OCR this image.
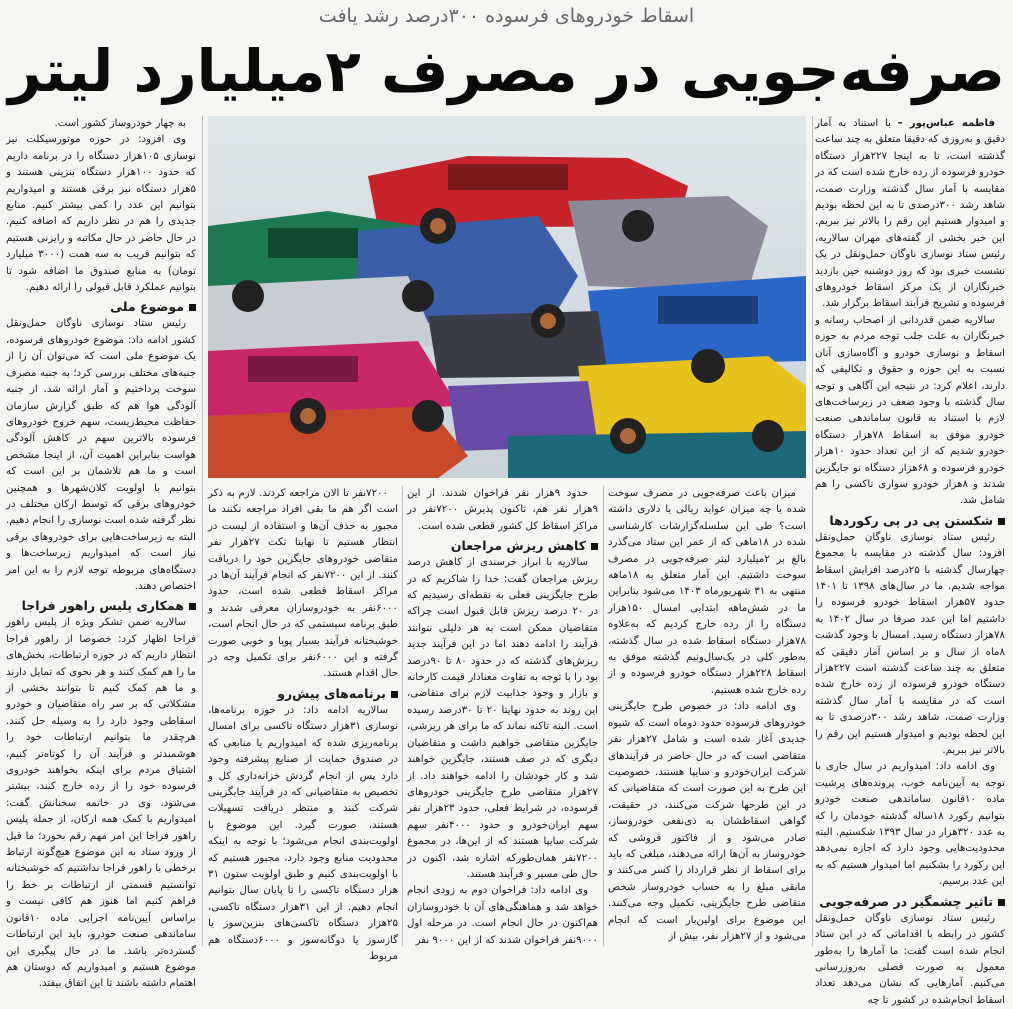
اسقاط خودروهای فرسوده ۳۰۰درصد رشد یافت
صرفه‌جویی در مصرف ۲میلیارد لیتر

فاطمه عباس‌پور – با استناد به آمار دقیق و به‌روزی که دقیقا متعلق به چند ساعت گذشته است، تا به اینجا ۲۲۷هزار دستگاه خودرو فرسوده از رده خارج شده است که در مقایسه با آمار سال گذشته وزارت صمت، شاهد رشد ۳۰۰درصدی تا به این لحظه بودیم و امیدوار هستیم این رقم را بالاتر نیز ببریم. این خبر بخشی از گفته‌های مهران سالاریه، رئیس ستاد نوسازی ناوگان حمل‌ونقل در یک نشست خبری بود که روز دوشنبه حین بازدید خبرنگاران از یک مرکز اسقاط خودروهای فرسوده و تشریح فرآیند اسقاط برگزار شد.

سالاریه ضمن قدردانی از اصحاب رسانه و خبرنگاران به علت جلب توجه مردم به حوزه اسقاط و نوسازی خودرو و آگاه‌سازی آنان نسبت به این حوزه و حقوق و تکالیفی که دارند، اعلام کرد: در نتیجه این آگاهی و توجه سال گذشته با وجود ضعف در زیرساخت‌های لازم با استناد به قانون ساماندهی صنعت خودرو موفق به اسقاط ۷۸هزار دستگاه خودرو شدیم که از این تعداد حدود ۱۰هزار خودرو فرسوده و ۶۸هزار دستگاه نو جایگزین شدند و ۸هزار خودرو سواری تاکسی را هم شامل شد.

شکستن پی در پی رکوردها

رئیس ستاد نوسازی ناوگان حمل‌ونقل افزود: سال گذشته در مقایسه با مجموع چهارسال گذشته با ۲۵درصد افزایش اسقاط مواجه شدیم. ما در سال‌های ۱۳۹۸ تا ۱۴۰۱ حدود ۵۷هزار اسقاط خودرو فرسوده را داشتیم اما این عدد صرفا در سال ۱۴۰۲ به ۷۸هزار دستگاه رسید. امسال با وجود گذشت ۸ماه از سال و بر اساس آمار دقیقی که متعلق به چند ساعت گذشته است ۲۲۷هزار دستگاه خودرو فرسوده از رده خارج شده است که در مقایسه با آمار سال گذشته وزارت صمت، شاهد رشد ۳۰۰درصدی تا به این لحظه بودیم و امیدوار هستیم این رقم را بالاتر نیز ببریم.

وی ادامه داد: امیدواریم در سال جاری با توجه به آیین‌نامه خوب، پرونده‌های پرشیت ماده ۱۰قانون ساماندهی صنعت خودرو بتوانیم رکورد ۱۸ساله گذشته خودمان را که به عدد ۳۲۰هزار در سال ۱۳۹۳ شکستیم. البته محدودیت‌هایی وجود دارد که اجازه نمی‌دهد این رکورد را بشکنیم اما امیدوار هستیم که به این عدد برسیم.

تاثیر چشمگیر در صرفه‌جویی

رئیس ستاد نوسازی ناوگان حمل‌ونقل کشور در رابطه با اقداماتی که در این ستاد انجام شده است گفت: ما آمارها را به‌طور معمول به صورت فصلی به‌روزرسانی می‌کنیم. آمارهایی که نشان می‌دهد تعداد اسقاط انجام‌شده در کشور تا چه

میزان باعث صرفه‌جویی در مصرف سوخت شده یا چه میزان عواید ریالی یا دلاری داشته است؟ طی این سلسله‌گزارشات کارشناسی شده در ۱۸ماهی که از عمر این ستاد می‌گذرد بالغ بر ۲میلیارد لیتر صرفه‌جویی در مصرف سوخت داشتیم. این آمار متعلق به ۱۸ماهه منتهی به ۳۱ شهریورماه ۱۴۰۳ می‌شود بنابراین ما در شش‌ماهه ابتدایی امسال ۱۵۰هزار دستگاه را از رده خارج کردیم که به‌علاوه ۷۸هزار دستگاه اسقاط شده در سال گذشته، به‌طور کلی در یک‌سال‌ونیم گذشته موفق به اسقاط ۲۲۸هزار دستگاه خودرو فرسوده و از رده خارج شده هستیم.

وی ادامه داد: در خصوص طرح جایگزینی خودروهای فرسوده حدود دوماه است که شیوه جدیدی آغاز شده است و شامل ۲۷هزار نفر متقاضی است که در حال حاضر در فرآیندهای شرکت ایران‌خودرو و سایپا هستند. خصوصیت این طرح به این صورت است که متقاضیانی که در این طرحها شرکت می‌کنند، در حقیقت، گواهی اسقاطشان به ذی‌نفعی خودروساز، صادر می‌شود و از فاکتور فروشی که خودروساز به آن‌ها ارائه می‌دهند، مبلغی که باید برای اسقاط از نظر قرارداد را کسر می‌کنند و مابقی مبلغ را به حساب خودروساز شخص متقاضی طرح جایگزینی، تکمیل وجه می‌کنند. این موضوع برای اولین‌بار است که انجام می‌شود و از ۲۷هزار نفر، بیش از

حدود ۹هزار نفر فراخوان شدند. از این ۹هزار نفر هم، تاکنون پذیرش ۷۲۰۰نفر در مراکز اسقاط کل کشور قطعی شده است.

کاهش ریزش مراجعان

سالاریه با ابراز خرسندی از کاهش درصد ریزش مراجعان گفت: خدا را شاکریم که در طرح جایگزینی فعلی به نقطه‌ای رسیدیم که در ۲۰ درصد ریزش قابل قبول است چراکه متقاضیان ممکن است به هر دلیلی نتوانند فرآیند را ادامه دهند اما در این فرآیند جدید ریزش‌های گذشته که در حدود ۸۰ تا ۹۰درصد بود را با توجه به تفاوت معنادار قیمت کارخانه و بازار و وجود جذابیت لازم برای متقاضی، این روند به حدود نهایتا ۲۰ تا ۳۰درصد رسیده است. البته تاکنه نماند که ما برای هر ریزشی، جایگزین متقاضی خواهیم داشت و متقاضیان دیگری که در صف هستند، جایگزین خواهند شد و کار خودشان را ادامه خواهند داد. از ۲۷هزار متقاضی طرح جایگزینی خودروهای فرسوده، در شرایط فعلی، حدود ۲۳هزار نفر سهم ایران‌خودرو و حدود ۴۰۰۰نفر سهم شرکت سایپا هستند که از این‌ها، در مجموع ۷۲۰۰نفر همان‌طورکه اشاره شد، اکنون در حال طی مسیر و فرآیند هستند.

وی ادامه داد: فراخوان دوم به زودی انجام خواهد شد و هماهنگی‌های آن با خودروسازان هم‌اکنون در حال انجام است. در مرحله اول ۹۰۰۰نفر فراخوان شدند که از این ۹۰۰۰ نفر

۷۲۰۰نفر تا الان مراجعه کردند. لازم به ذکر است اگر هم ما بقی افراد مراجعه نکنند ما مجبور به حذف آن‌ها و استفاده از لیست در انتظار هستیم تا نهایتا تکت ۲۷هزار نفر متقاضی خودروهای جایگزین خود را دریافت کنند. از این ۷۲۰۰نفر که انجام فرآیند آن‌ها در مراکز اسقاط قطعی شده است، حدود ۶۰۰۰نفر به خودروسازان معرفی شدند و طبق برنامه سیستمی که در حال انجام است، خوشبختانه فرآیند بسیار پویا و خوبی صورت گرفته و این ۶۰۰۰نفر برای تکمیل وجه در حال اقدام هستند.

برنامه‌های پیش‌رو

سالاریه ادامه داد: در حوزه برنامه‌ها، نوسازی ۳۱هزار دستگاه تاکسی برای امسال برنامه‌ریزی شده که امیدواریم با منابعی که در صندوق حمایت از صنایع پیشرفته وجود دارد پس از انجام گردش خزانه‌داری کل و تخصیص به متقاضیانی که در فرآیند جایگزینی شرکت کنند و منتظر دریافت تسهیلات هستند، صورت گیرد. این موضوع با اولویت‌بندی انجام می‌شود؛ با توجه به اینکه محدودیت منابع وجود دارد، مجبور هستیم که با اولویت‌بندی کنیم و طبق اولویت ستون ۳۱ هزار دستگاه تاکسی را تا پایان سال بتوانیم انجام دهیم. از این ۳۱هزار دستگاه تاکسی، ۲۵هزار دستگاه تاکسی‌های بنزین‌سوز یا گازسوز یا دوگانه‌سوز و ۶۰۰۰دستگاه هم مربوط

به چهار خودروساز کشور است.

وی افزود: در حوزه موتورسیکلت نیز نوسازی ۱۰۵هزار دستگاه را در برنامه داریم که حدود ۱۰۰هزار دستگاه بنزینی هستند و ۵هزار دستگاه نیز برقی هستند و امیدواریم بتوانیم این عدد را کمی بیشتر کنیم. منابع جدیدی را هم در نظر داریم که اضافه کنیم. در حال حاضر در حال مکاتبه و رایزنی هستیم که بتوانیم قریب به سه همت (۳۰۰۰ میلیارد تومان) به منابع صندوق ما اضافه شود تا بتوانیم عملکرد قابل قبولی را ارائه دهیم.

موضوع ملی

رئیس ستاد نوسازی ناوگان حمل‌ونقل کشور ادامه داد: موضوع خودروهای فرسوده، یک موضوع ملی است که می‌توان آن را از جنبه‌های مختلف بررسی کرد؛ به جنبه مصرف سوخت پرداختیم و آمار ارائه شد. از جنبه آلودگی هوا هم که طبق گزارش سازمان حفاظت محیط‌زیست، سهم خروج خودروهای فرسوده بالاترین سهم در کاهش آلودگی هواست بنابراین اهمیت آن، از اینجا مشخص است و ما هم تلاشمان بر این است که بتوانیم با اولویت کلان‌شهرها و همچنین خودروهای برقی که توسط ارکان مختلف در نظر گرفته شده است نوسازی را انجام دهیم. البته به زیرساخت‌هایی برای خودروهای برقی نیاز است که امیدواریم زیرساخت‌ها و دستگاه‌های مربوطه توجه لازم را به این امر اختصاص دهند.

همکاری پلیس راهور فراجا

سالاریه ضمن تشکر ویژه از پلیس راهور فراجا اظهار کرد: خصوصا از راهور فراجا انتظار داریم که در حوزه ارتباطات، بخش‌های ما را هم کمک کنند و هر نحوی که تمایل دارند و ما هم کمک کنیم تا بتوانند بخشی از مشکلاتی که بر سر راه متقاضیان و خودرو اسقاطی وجود دارد را به وسیله حل کنند. هرچقدر ما بتوانیم ارتباطات خود را هوشمندتر و فرآیند آن را کوتاه‌تر کنیم، اشتیاق مردم برای اینکه بخواهند خودروی فرسوده خود را از رده خارج کنند، بیشتر می‌شود. وی در خاتمه سخنانش گفت: امیدواریم با کمک همه ارکان، از جمله پلیس راهور فراجا این امر مهم رقم بخورد؛ ما قبل از ورود ستاد به این موضوع هیچ‌گونه ارتباط برخطی با راهور فراجا نداشتیم که خوشبختانه توانستیم قسمتی از ارتباطات بر خط را فراهم کنیم اما هنوز هم کافی نیست و براساس آیین‌نامه اجرایی ماده ۱۰قانون ساماندهی صنعت خودرو، باید این ارتباطات گسترده‌تر باشد. ما در حال پیگیری این موضوع هستیم و امیدواریم که دوستان هم اهتمام داشته باشند تا این اتفاق بیفتد.
